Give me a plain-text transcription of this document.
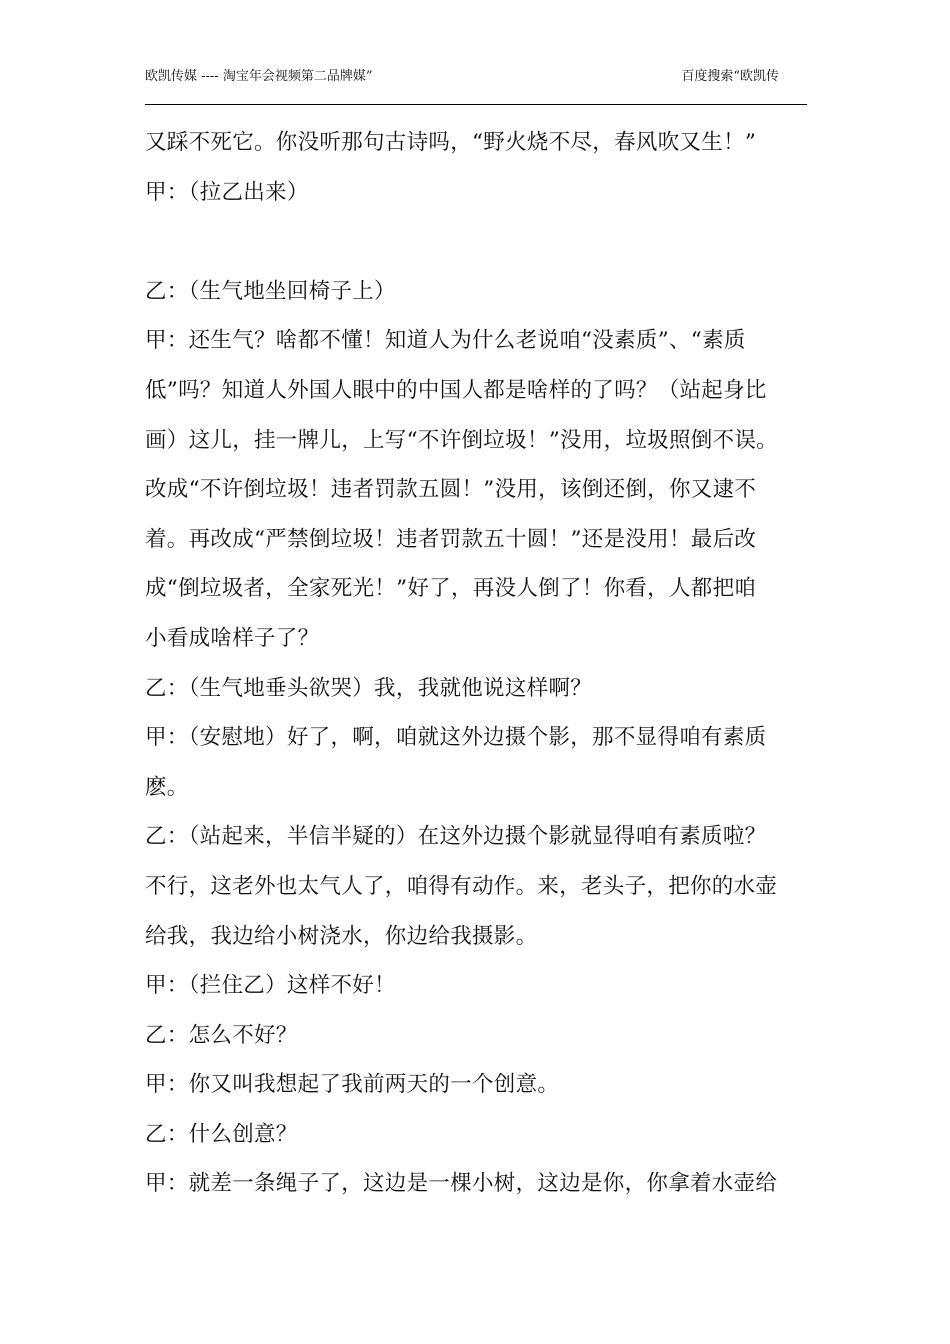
欧凯传媒 ---- 淘宝年会视频第二品牌媒”	百度搜索“欧凯传

又踩不死它。你没听那句古诗吗，“野火烧不尽，春风吹又生！”

甲：（拉乙出来）

乙：（生气地坐回椅子上）

甲：还生气？啥都不懂！知道人为什么老说咱“没素质”、“素质

低”吗？知道人外国人眼中的中国人都是啥样的了吗？（站起身比

画）这儿，挂一牌儿，上写“不许倒垃圾！”没用，垃圾照倒不误。

改成“不许倒垃圾！违者罚款五圆！”没用，该倒还倒，你又逮不

着。再改成“严禁倒垃圾！违者罚款五十圆！”还是没用！最后改

成“倒垃圾者，全家死光！”好了，再没人倒了！你看，人都把咱

小看成啥样子了？

乙：（生气地垂头欲哭）我，我就他说这样啊？

甲：（安慰地）好了，啊，咱就这外边摄个影，那不显得咱有素质

麽。

乙：（站起来，半信半疑的）在这外边摄个影就显得咱有素质啦？

不行，这老外也太气人了，咱得有动作。来，老头子，把你的水壶

给我，我边给小树浇水，你边给我摄影。

甲：（拦住乙）这样不好！

乙：怎么不好？

甲：你又叫我想起了我前两天的一个创意。

乙：什么创意？

甲：就差一条绳子了，这边是一棵小树，这边是你，你拿着水壶给
